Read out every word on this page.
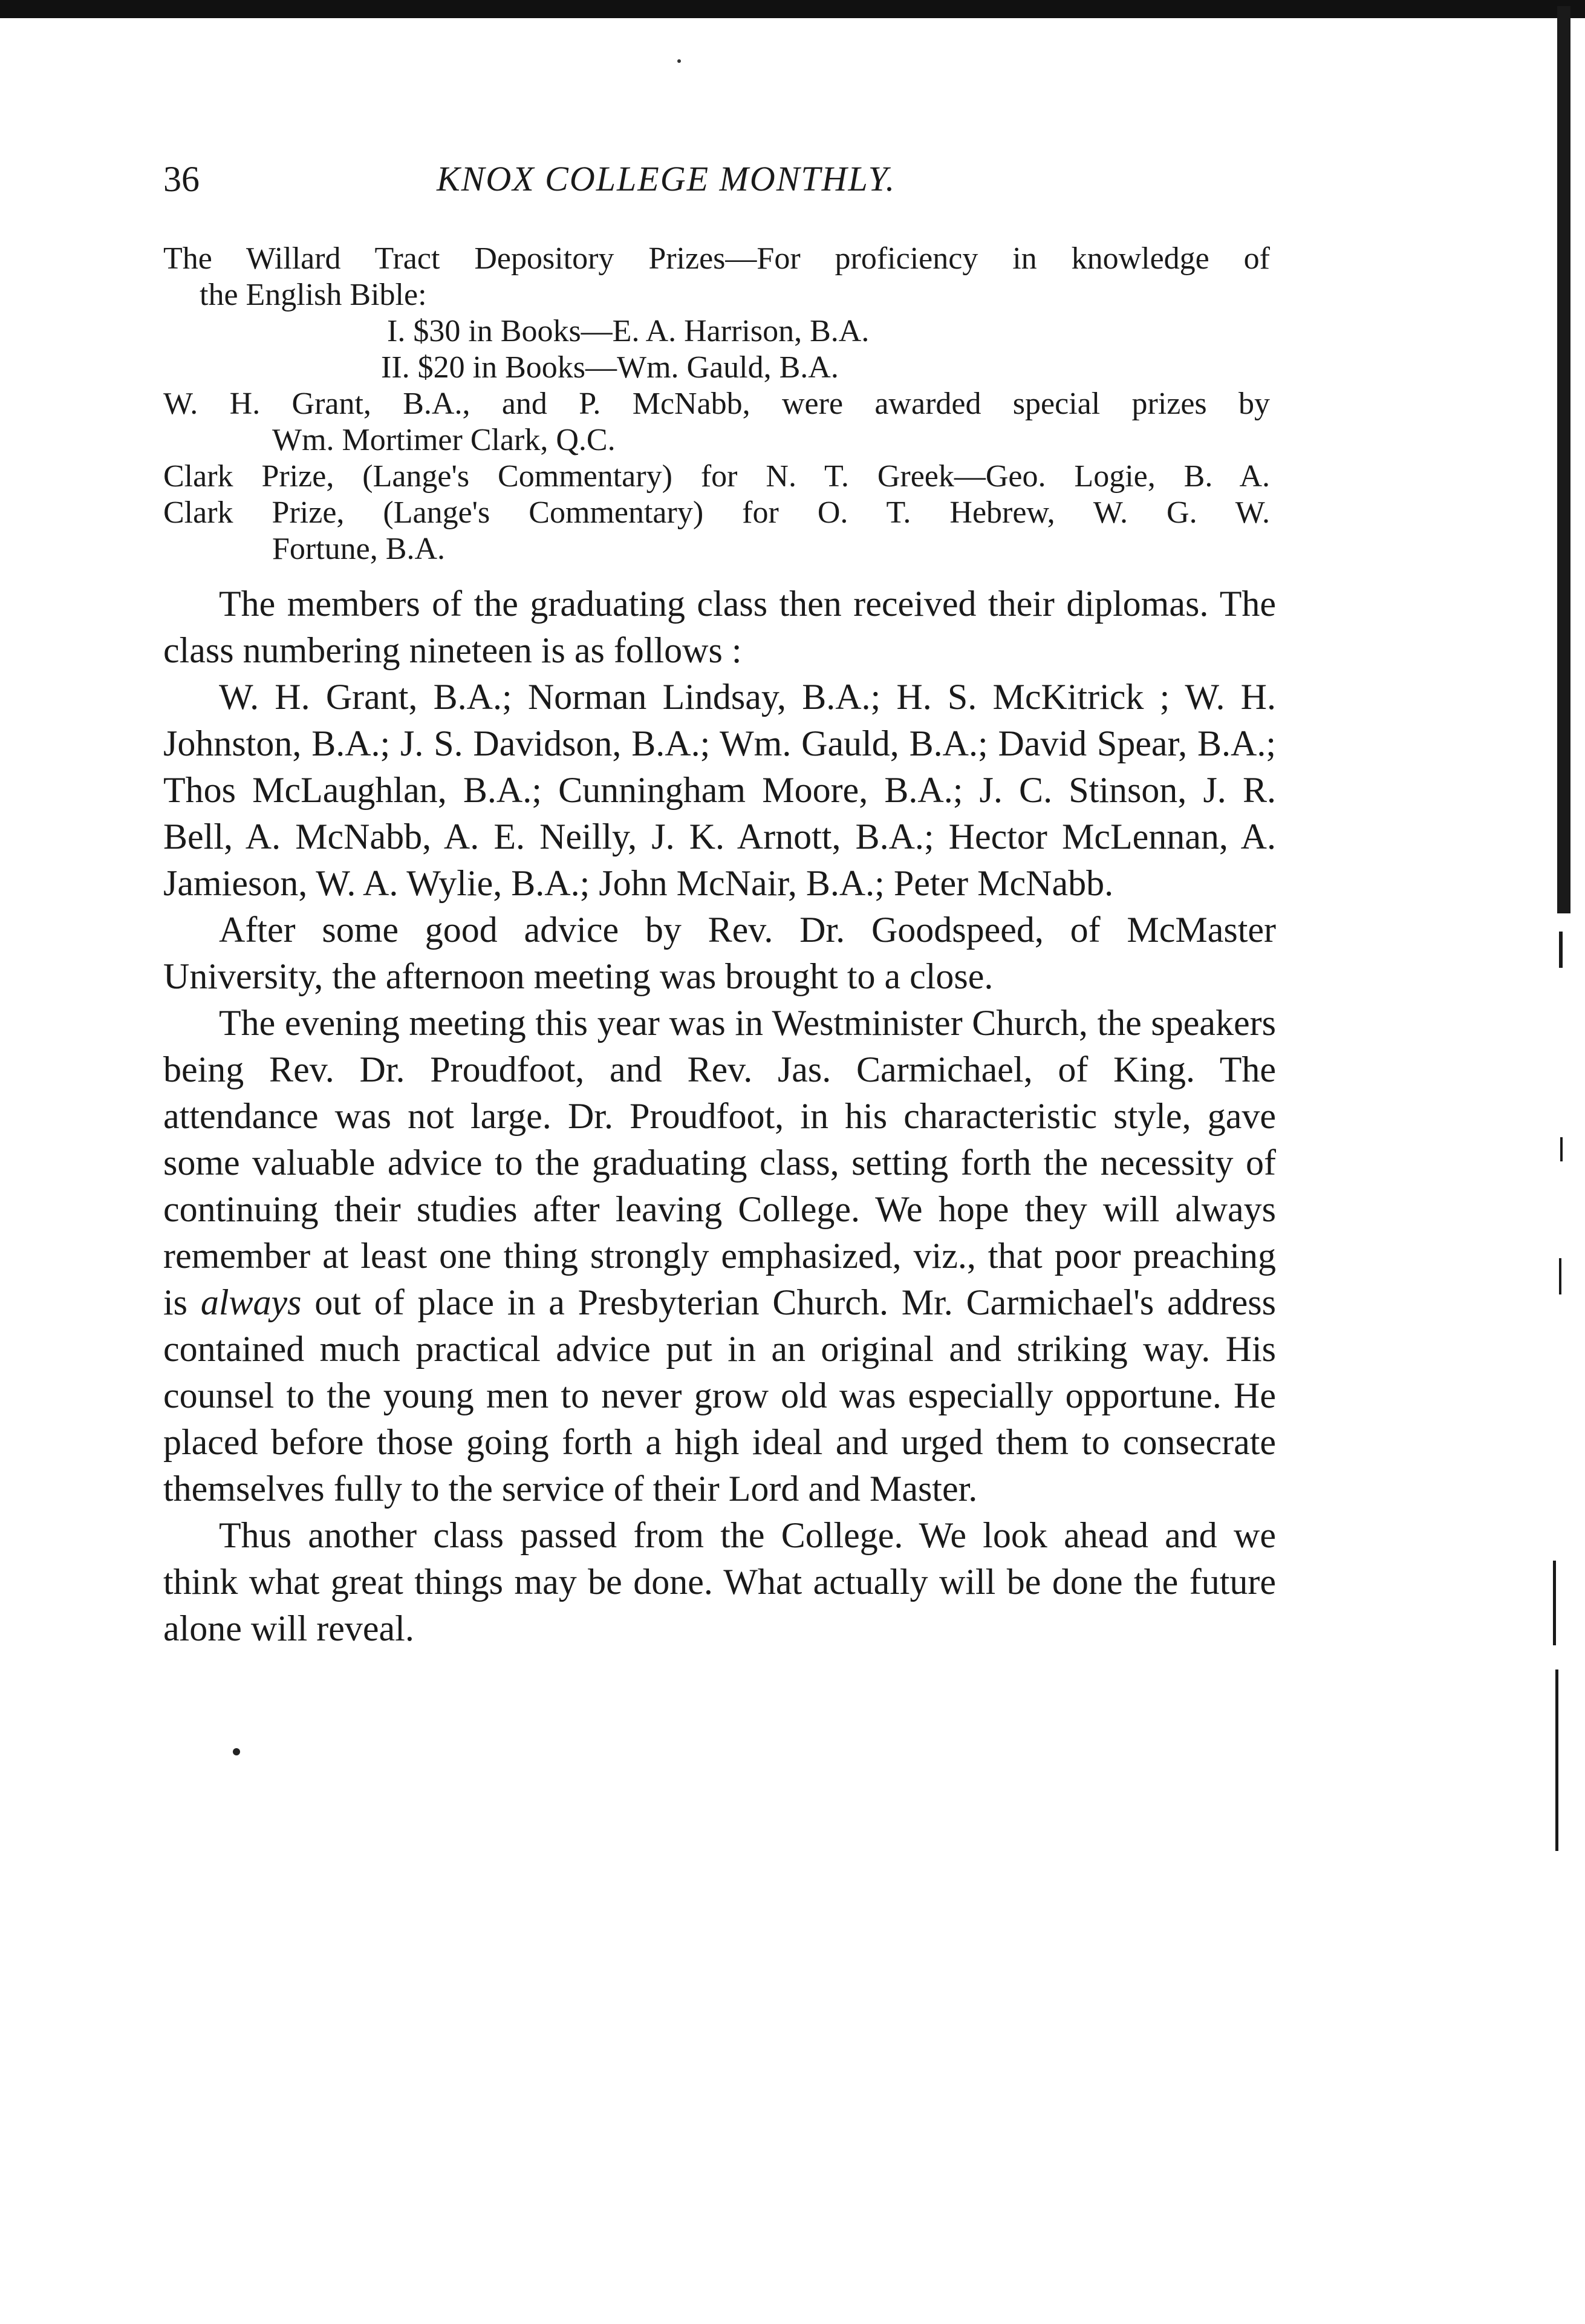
36	KNOX COLLEGE MONTHLY.
The Willard Tract Depository Prizes—For proficiency in knowledge of
the English Bible:
I. $30 in Books—E. A. Harrison, B.A.
II. $20 in Books—Wm. Gauld, B.A.
W. H. Grant, B.A., and P. McNabb, were awarded special prizes by
Wm. Mortimer Clark, Q.C.
Clark Prize, (Lange's Commentary) for N. T. Greek—Geo. Logie, B. A.
Clark Prize, (Lange's Commentary) for O. T. Hebrew, W. G. W.
Fortune, B.A.

The members of the graduating class then received their diplomas. The class numbering nineteen is as follows :

W. H. Grant, B.A.; Norman Lindsay, B.A.; H. S. McKitrick ; W. H. Johnston, B.A.; J. S. Davidson, B.A.; Wm. Gauld, B.A.; David Spear, B.A.; Thos McLaughlan, B.A.; Cunningham Moore, B.A.; J. C. Stinson, J. R. Bell, A. McNabb, A. E. Neilly, J. K. Arnott, B.A.; Hector McLennan, A. Jamieson, W. A. Wylie, B.A.; John McNair, B.A.; Peter McNabb.

After some good advice by Rev. Dr. Goodspeed, of McMaster University, the afternoon meeting was brought to a close.

The evening meeting this year was in Westminister Church, the speakers being Rev. Dr. Proudfoot, and Rev. Jas. Carmichael, of King. The attendance was not large. Dr. Proudfoot, in his characteristic style, gave some valuable advice to the graduating class, setting forth the necessity of continuing their studies after leaving College. We hope they will always remember at least one thing strongly emphasized, viz., that poor preaching is always out of place in a Presbyterian Church. Mr. Carmichael's address contained much practical advice put in an original and striking way. His counsel to the young men to never grow old was especially opportune. He placed before those going forth a high ideal and urged them to consecrate themselves fully to the service of their Lord and Master.

Thus another class passed from the College. We look ahead and we think what great things may be done. What actually will be done the future alone will reveal.
